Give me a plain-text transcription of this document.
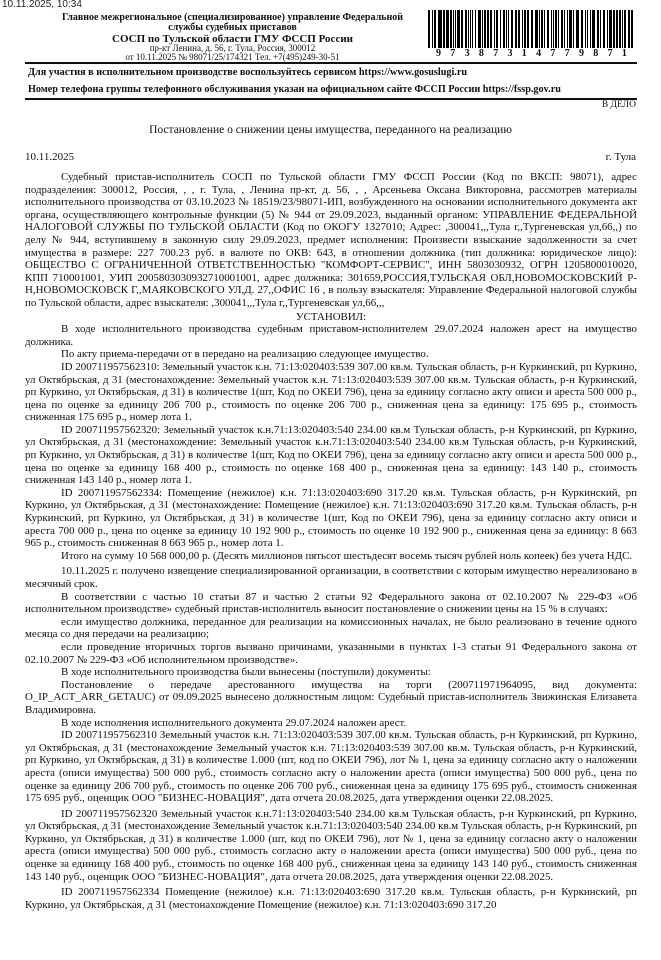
10.11.2025, 10:34
Главное межрегиональное (специализированное) управление Федеральной
службы судебных приставов
СОСП по Тульской области ГМУ ФССП России
пр-кт Ленина, д. 56, г. Тула, Россия, 300012
от 10.11.2025 № 98071/25/174321 Тел. +7(495)249-30-51	9 7 3 8 7 3 1 4 7 7 9 8 7 1
Для участия в исполнительном производстве воспользуйтесь сервисом https://www.gosuslugi.ru
Номер телефона группы телефонного обслуживания указан на официальном сайте ФССП России https://fssp.gov.ru
В ДЕЛО
Постановление о снижении цены имущества, переданного на реализацию
10.11.2025	г. Тула

Судебный пристав-исполнитель СОСП по Тульской области ГМУ ФССП России (Код по ВКСП: 98071), адрес подразделения: 300012, Россия, , , г. Тула, , Ленина пр-кт, д. 56, , , Арсеньева Оксана Викторовна, рассмотрев материалы исполнительного производства от 03.10.2023 № 18519/23/98071-ИП, возбужденного на основании исполнительного документа акт органа, осуществляющего контрольные функции (5) № 944 от 29.09.2023, выданный органом: УПРАВЛЕНИЕ ФЕДЕРАЛЬНОЙ НАЛОГОВОЙ СЛУЖБЫ ПО ТУЛЬСКОЙ ОБЛАСТИ (Код по ОКОГУ 1327010; Адрес: ,300041,,,Тула г,,Тургеневская ул,66,,) по делу № 944, вступившему в законную силу 29.09.2023, предмет исполнения: Произвести взыскание задолженности за счет имущества в размере: 227 700.23 руб. в валюте по ОКВ: 643, в отношении должника (тип должника: юридическое лицо): ОБЩЕСТВО С ОГРАНИЧЕННОЙ ОТВЕТСТВЕННОСТЬЮ "КОМФОРТ-СЕРВИС", ИНН 5803030932, ОГРН 1205800010020, КПП 710001001, УИП 2005803030932710001001, адрес должника: 301659,РОССИЯ,ТУЛЬСКАЯ ОБЛ,НОВОМОСКОВСКИЙ Р-Н,НОВОМОСКОВСК Г,,МАЯКОВСКОГО УЛ,Д. 27,,ОФИС 16 , в пользу взыскателя: Управление Федеральной налоговой службы по Тульской области, адрес взыскателя: ,300041,,,Тула г,,Тургеневская ул,66,,,

УСТАНОВИЛ:

В ходе исполнительного производства судебным приставом-исполнителем 29.07.2024 наложен арест на имущество должника.

По акту приема-передачи от в передано на реализацию следующее имущество.

ID 200711957562310: Земельный участок к.н. 71:13:020403:539 307.00 кв.м. Тульская область, р-н Куркинский, рп Куркино, ул Октябрьская, д 31 (местонахождение: Земельный участок к.н. 71:13:020403:539 307.00 кв.м. Тульская область, р-н Куркинский, рп Куркино, ул Октябрьская, д 31) в количестве 1(шт, Код по ОКЕИ 796), цена за единицу согласно акту описи и ареста 500 000 р., цена по оценке за единицу 206 700 р., стоимость по оценке 206 700 р., сниженная цена за единицу: 175 695 р., стоимость сниженная 175 695 р., номер лота 1.

ID 200711957562320: Земельный участок к.н.71:13:020403:540 234.00 кв.м Тульская область, р-н Куркинский, рп Куркино, ул Октябрьская, д 31 (местонахождение: Земельный участок к.н.71:13:020403:540 234.00 кв.м Тульская область, р-н Куркинский, рп Куркино, ул Октябрьская, д 31) в количестве 1(шт, Код по ОКЕИ 796), цена за единицу согласно акту описи и ареста 500 000 р., цена по оценке за единицу 168 400 р., стоимость по оценке 168 400 р., сниженная цена за единицу: 143 140 р., стоимость сниженная 143 140 р., номер лота 1.

ID 200711957562334: Помещение (нежилое) к.н. 71:13:020403:690 317.20 кв.м. Тульская область, р-н Куркинский, рп Куркино, ул Октябрьская, д 31 (местонахождение: Помещение (нежилое) к.н. 71:13:020403:690 317.20 кв.м. Тульская область, р-н Куркинский, рп Куркино, ул Октябрьская, д 31) в количестве 1(шт, Код по ОКЕИ 796), цена за единицу согласно акту описи и ареста 700 000 р., цена по оценке за единицу 10 192 900 р., стоимость по оценке 10 192 900 р., сниженная цена за единицу: 8 663 965 р., стоимость сниженная 8 663 965 р., номер лота 1.

Итого на сумму 10 568 000,00 р. (Десять миллионов пятьсот шестьдесят восемь тысяч рублей ноль копеек) без учета НДС.

10.11.2025 г. получено извещение специализированной организации, в соответствии с которым имущество нереализовано в месячный срок.

В соответствии с частью 10 статьи 87 и частью 2 статьи 92 Федерального закона от 02.10.2007 № 229-ФЗ «Об исполнительном производстве» судебный пристав-исполнитель выносит постановление о снижении цены на 15 % в случаях:

если имущество должника, переданное для реализации на комиссионных началах, не было реализовано в течение одного месяца со дня передачи на реализацию;

если проведение вторичных торгов вызвано причинами, указанными в пунктах 1-3 статьи 91 Федерального закона от 02.10.2007 № 229-ФЗ «Об исполнительном производстве».

В ходе исполнительного производства были вынесены (поступили) документы:

Постановление о передаче арестованного имущества на торги (200711971964095, вид документа: O_IP_ACT_ARR_GETAUC) от 09.09.2025 вынесено должностным лицом: Судебный пристав-исполнитель Звижинская Елизавета Владимировна.

В ходе исполнения исполнительного документа 29.07.2024 наложен арест.

ID 200711957562310 Земельный участок к.н. 71:13:020403:539 307.00 кв.м. Тульская область, р-н Куркинский, рп Куркино, ул Октябрьская, д 31 (местонахождение Земельный участок к.н. 71:13:020403:539 307.00 кв.м. Тульская область, р-н Куркинский, рп Куркино, ул Октябрьская, д 31) в количестве 1.000 (шт, код по ОКЕИ 796), лот № 1, цена за единицу согласно акту о наложении ареста (описи имущества) 500 000 руб., стоимость согласно акту о наложении ареста (описи имущества) 500 000 руб., цена по оценке за единицу 206 700 руб., стоимость по оценке 206 700 руб., сниженная цена за единицу 175 695 руб., стоимость сниженная 175 695 руб., оценщик ООО "БИЗНЕС-НОВАЦИЯ", дата отчета 20.08.2025, дата утверждения оценки 22.08.2025.

ID 200711957562320 Земельный участок к.н.71:13:020403:540 234.00 кв.м Тульская область, р-н Куркинский, рп Куркино, ул Октябрьская, д 31 (местонахождение Земельный участок к.н.71:13:020403:540 234.00 кв.м Тульская область, р-н Куркинский, рп Куркино, ул Октябрьская, д 31) в количестве 1.000 (шт, код по ОКЕИ 796), лот № 1, цена за единицу согласно акту о наложении ареста (описи имущества) 500 000 руб., стоимость согласно акту о наложении ареста (описи имущества) 500 000 руб., цена по оценке за единицу 168 400 руб., стоимость по оценке 168 400 руб., сниженная цена за единицу 143 140 руб., стоимость сниженная 143 140 руб., оценщик ООО "БИЗНЕС-НОВАЦИЯ", дата отчета 20.08.2025, дата утверждения оценки 22.08.2025.

ID 200711957562334 Помещение (нежилое) к.н. 71:13:020403:690 317.20 кв.м. Тульская область, р-н Куркинский, рп Куркино, ул Октябрьская, д 31 (местонахождение Помещение (нежилое) к.н. 71:13:020403:690 317.20
